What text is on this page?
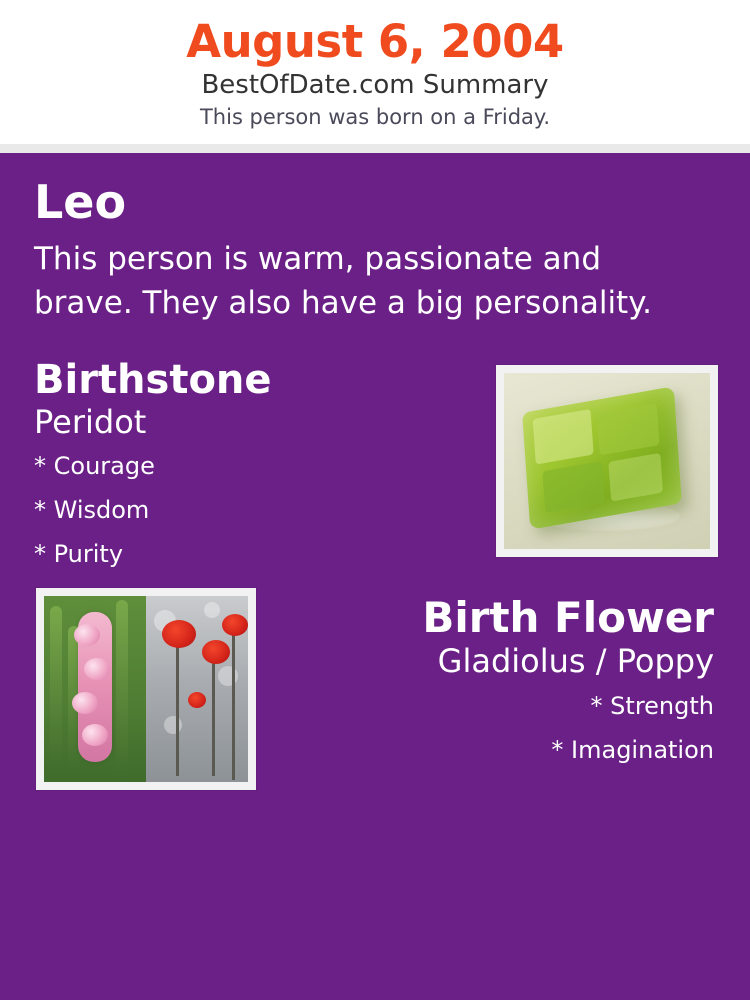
August 6, 2004
BestOfDate.com Summary
This person was born on a Friday.
Leo
This person is warm, passionate and brave. They also have a big personality.
Birthstone
Peridot
* Courage
* Wisdom
* Purity
Birth Flower
Gladiolus / Poppy
* Strength
* Imagination
